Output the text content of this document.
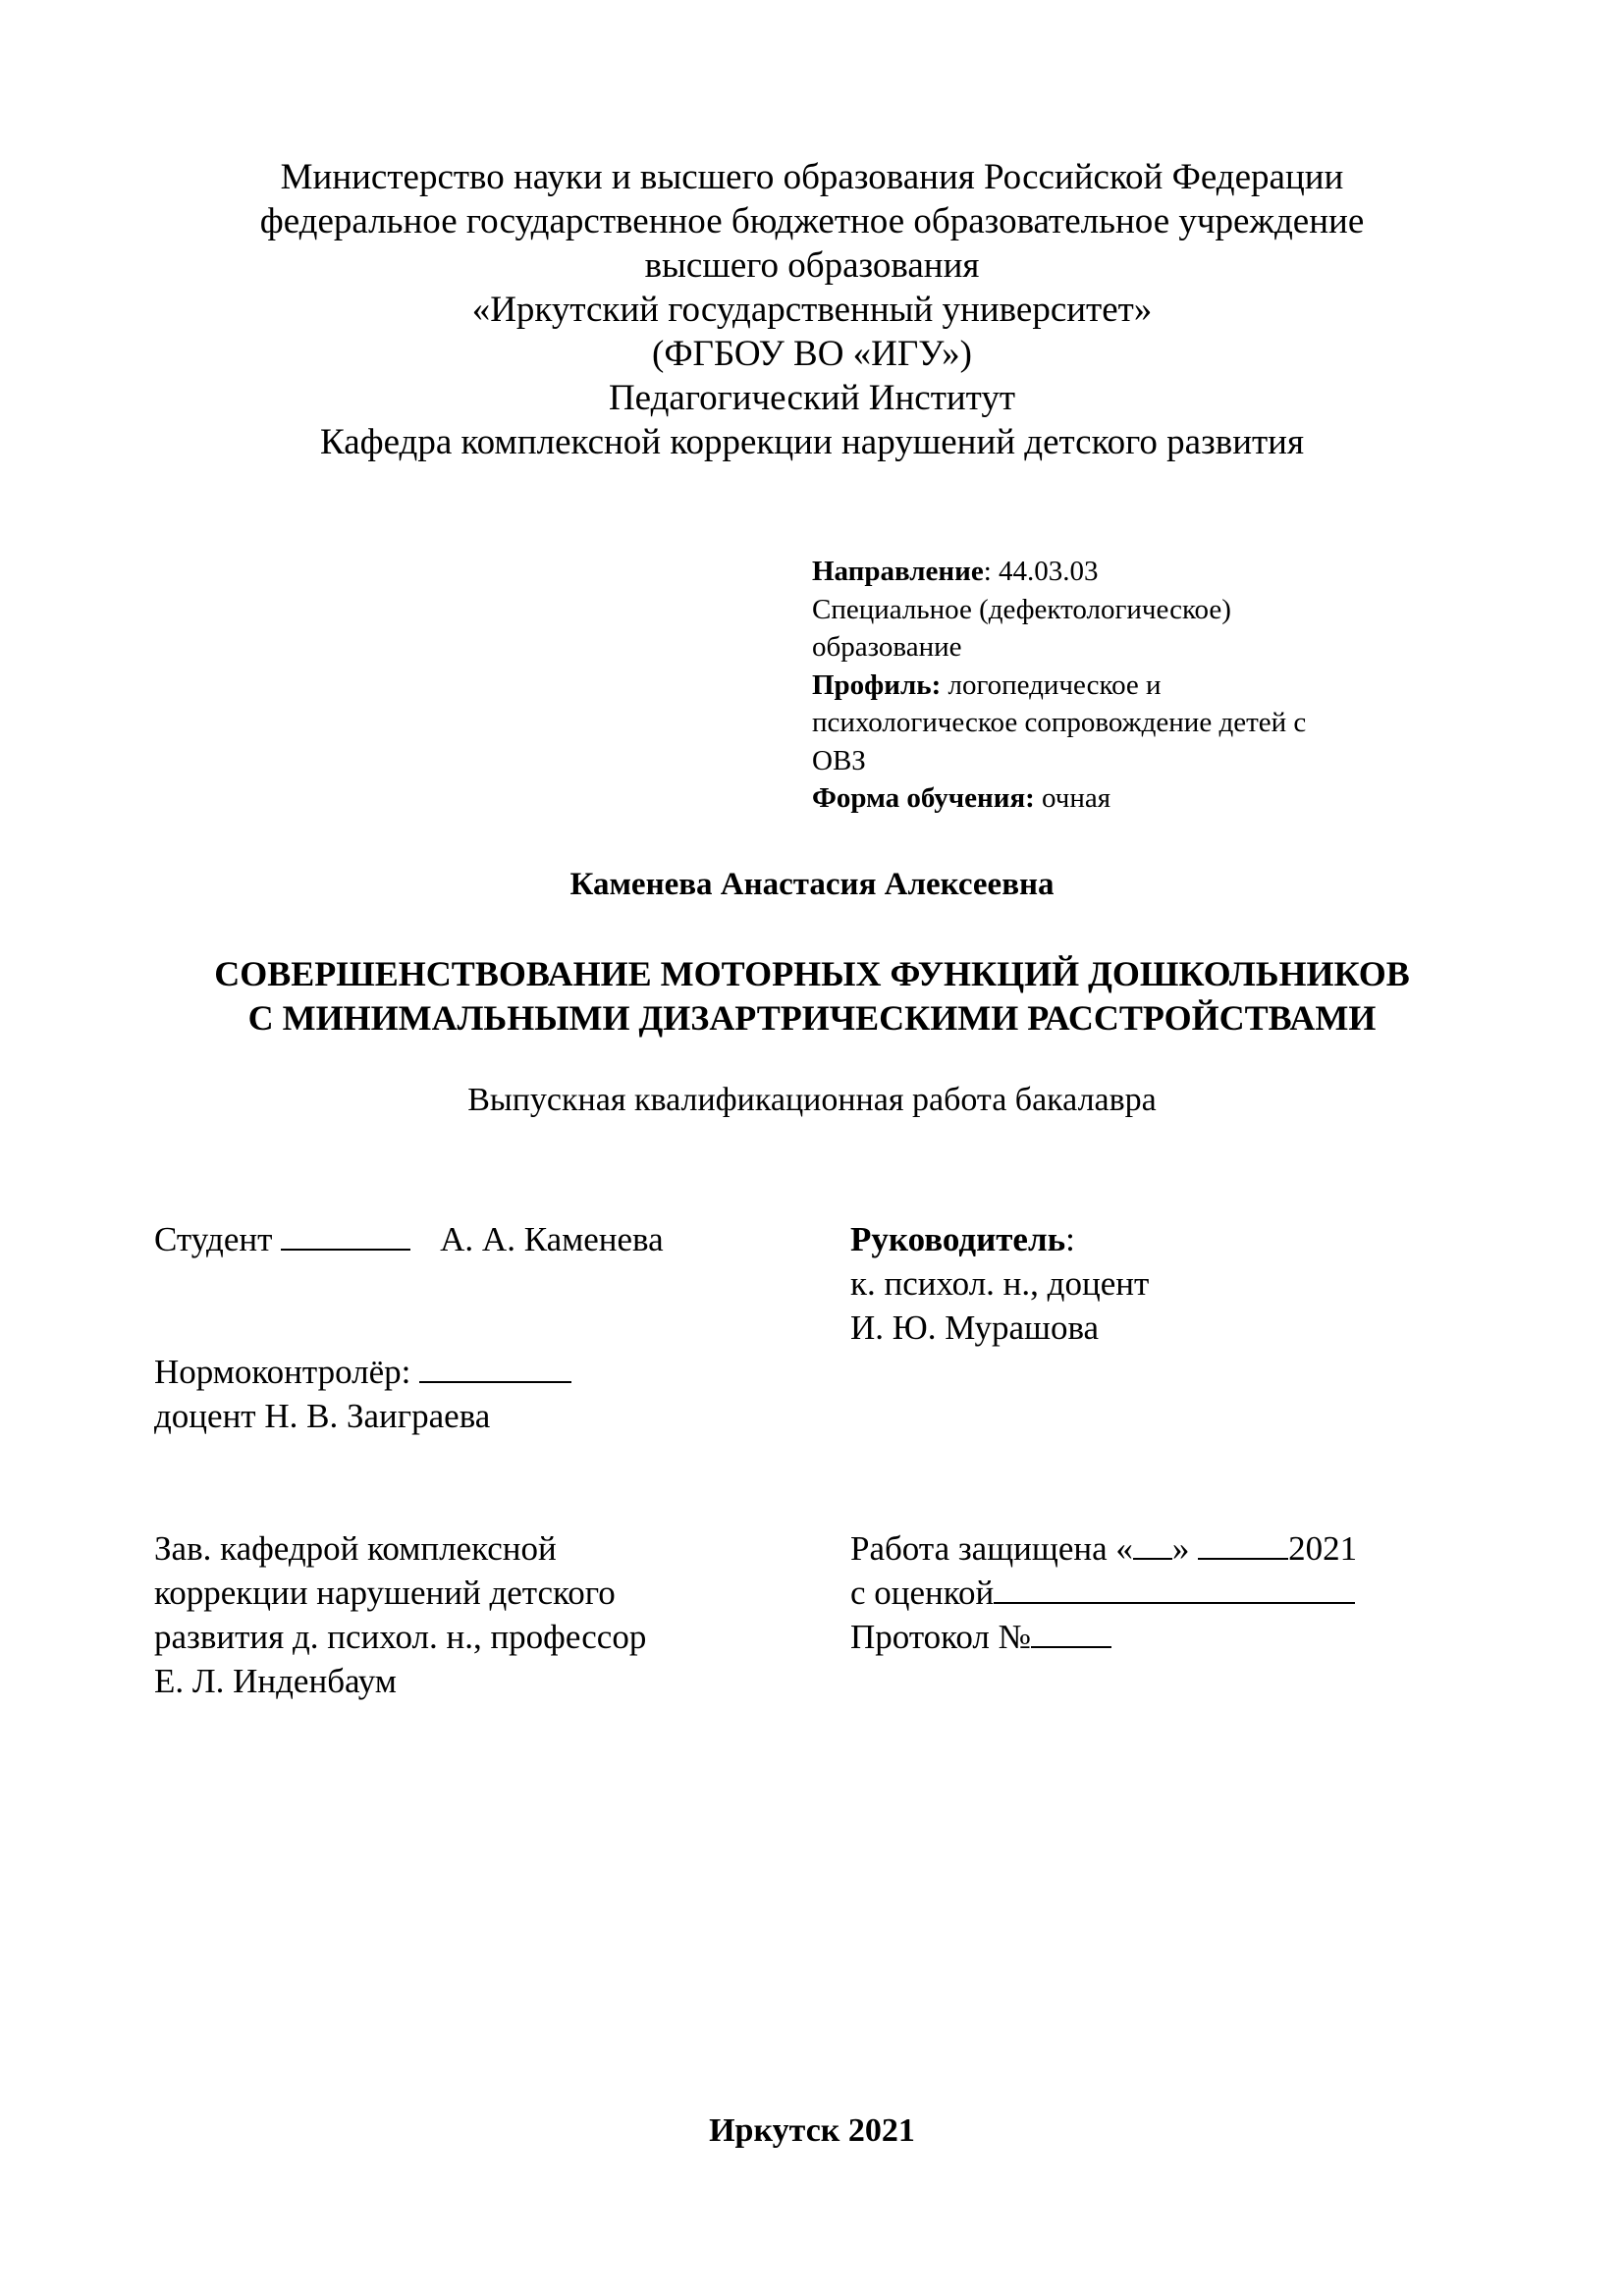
Министерство науки и высшего образования Российской Федерации
федеральное государственное бюджетное образовательное учреждение
высшего образования
«Иркутский государственный университет»
(ФГБОУ ВО «ИГУ»)
Педагогический Институт
Кафедра комплексной коррекции нарушений детского развития
Направление: 44.03.03
Специальное (дефектологическое)
образование
Профиль: логопедическое и
психологическое сопровождение детей с
ОВЗ
Форма обучения: очная
Каменева Анастасия Алексеевна
СОВЕРШЕНСТВОВАНИЕ МОТОРНЫХ ФУНКЦИЙ ДОШКОЛЬНИКОВ
С МИНИМАЛЬНЫМИ ДИЗАРТРИЧЕСКИМИ РАССТРОЙСТВАМИ
Выпускная квалификационная работа бакалавра
Студент	А. А. Каменева	Руководитель:
к. психол. н., доцент
И. Ю. Мурашова
Нормоконтролёр:
доцент Н. В. Заиграева
Зав. кафедрой комплексной
коррекции нарушений детского
развития д. психол. н., профессор
Е. Л. Инденбаум
Работа защищена « »	2021
с оценкой
Протокол №
Иркутск 2021
